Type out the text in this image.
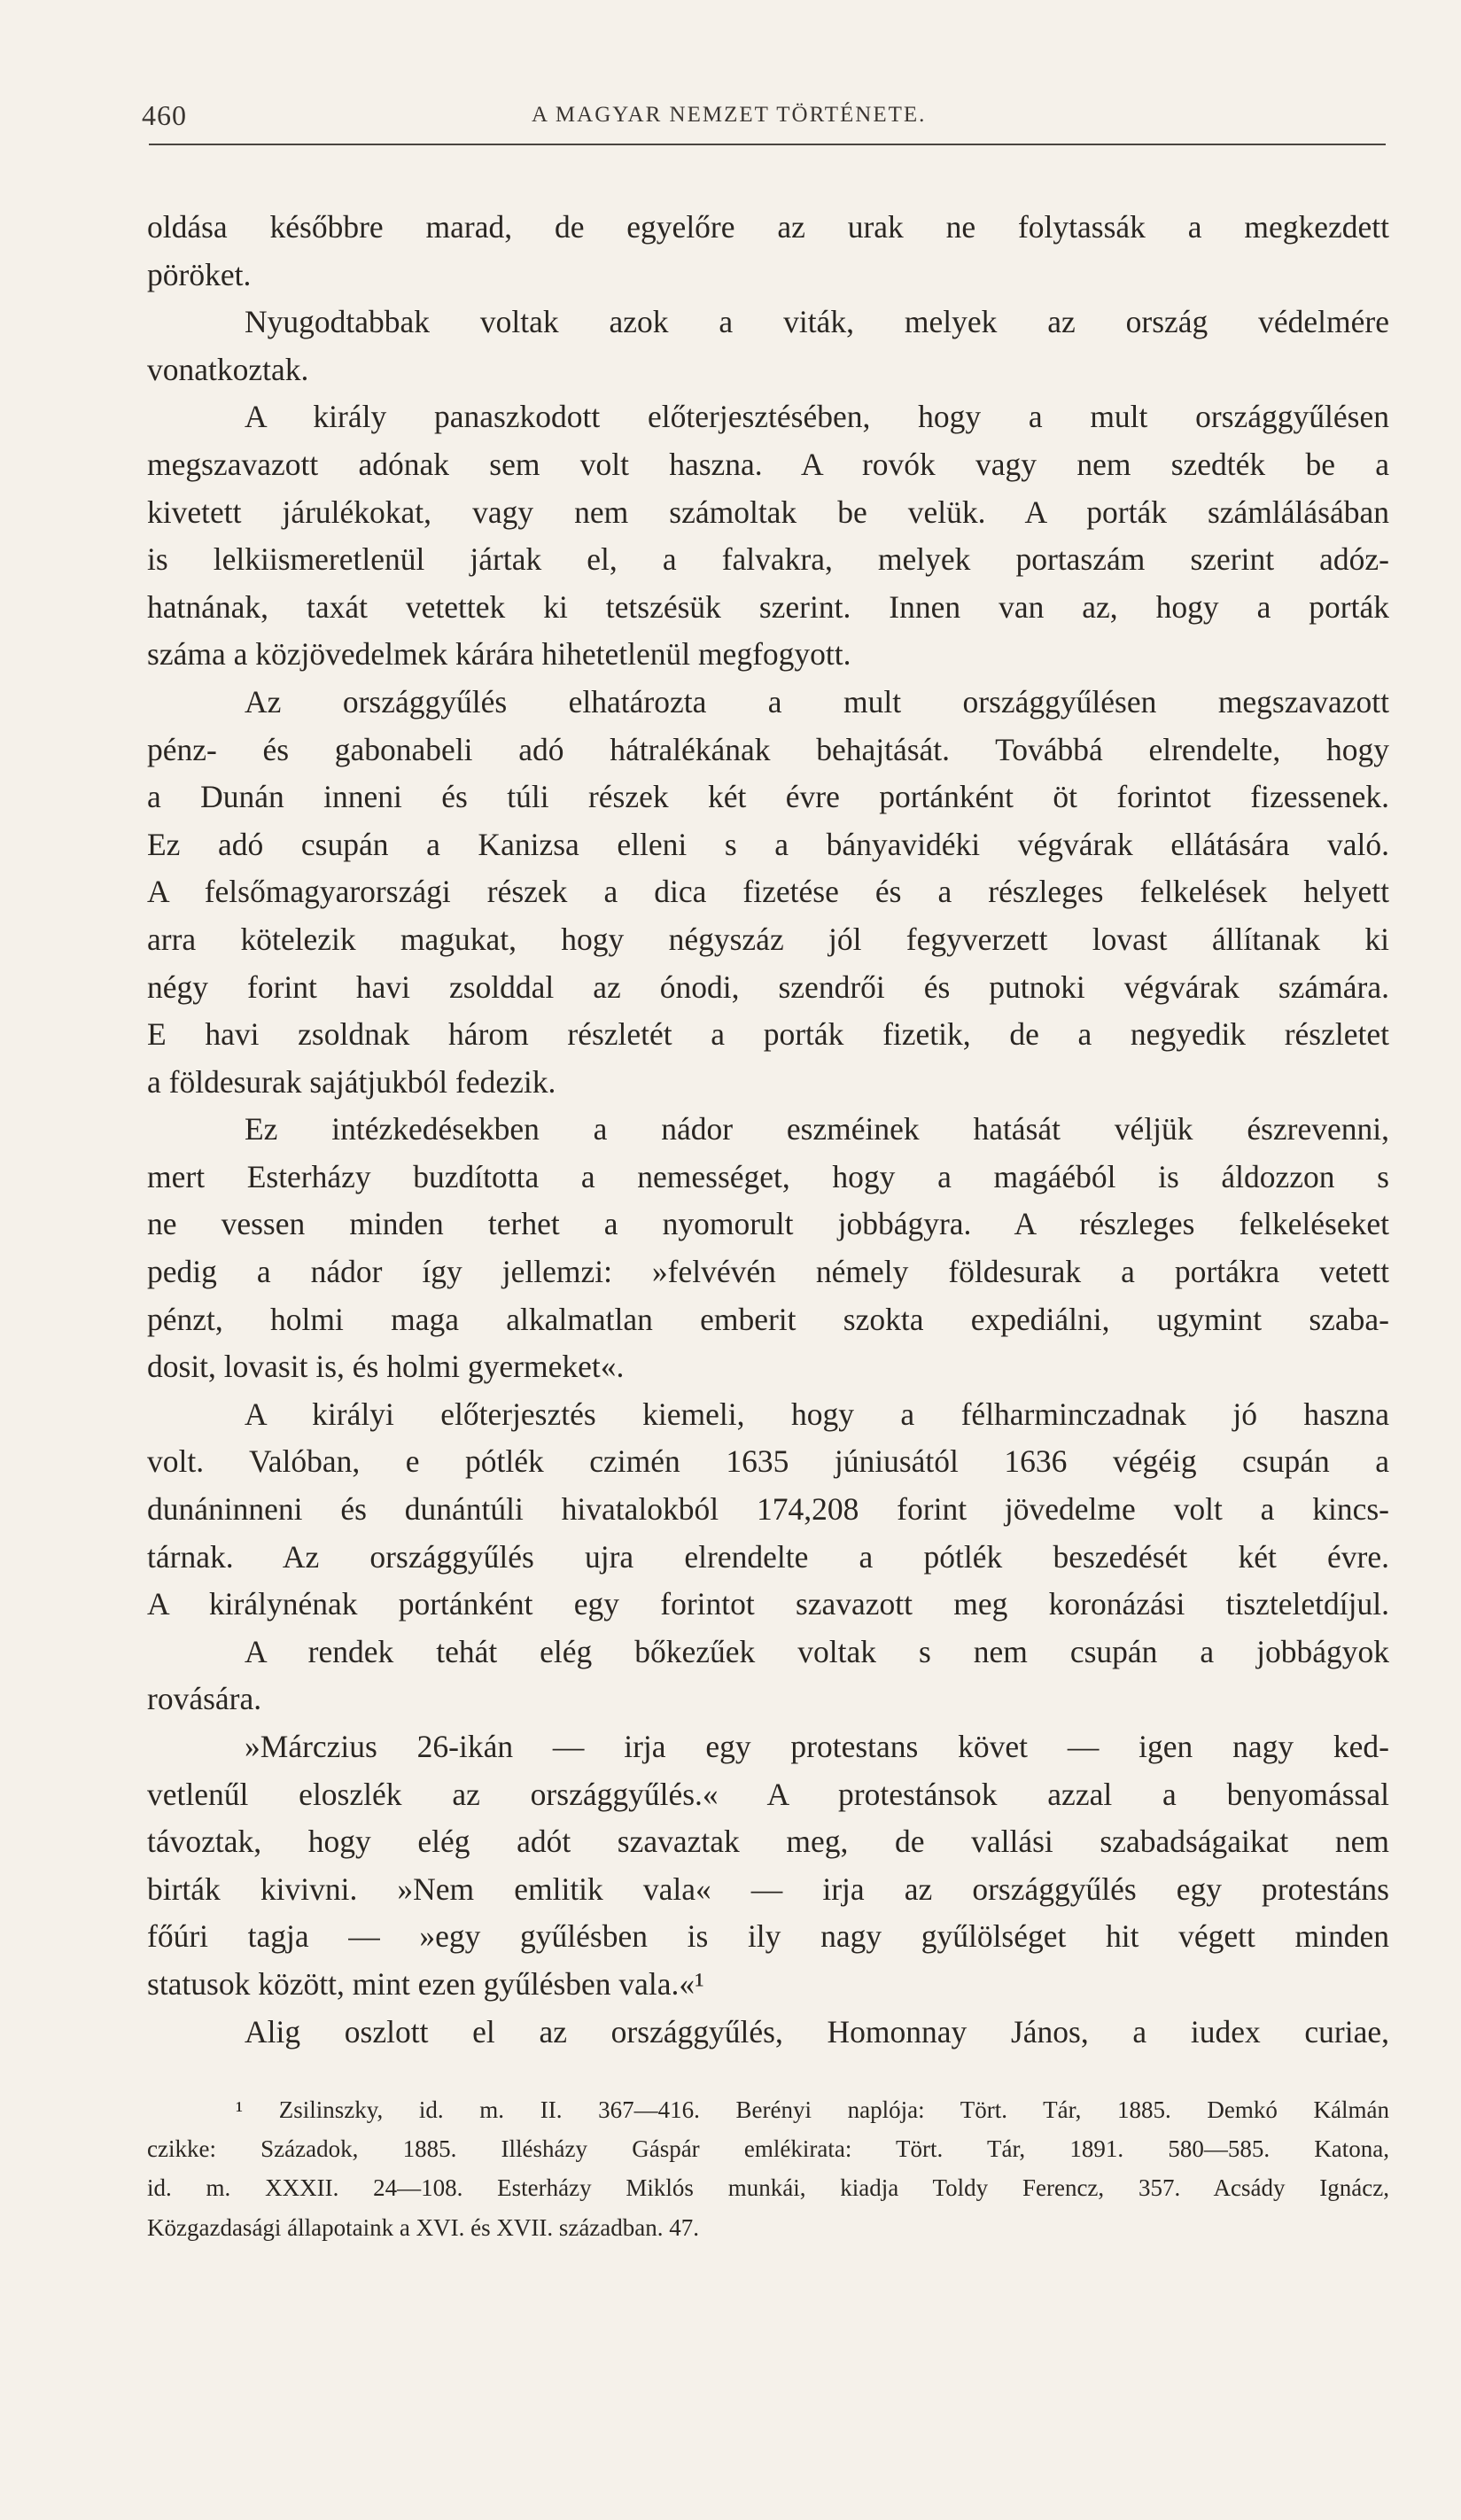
460	A MAGYAR NEMZET TÖRTÉNETE.
oldása későbbre marad, de egyelőre az urak ne folytassák a megkezdett
pöröket.
Nyugodtabbak voltak azok a viták, melyek az ország védelmére
vonatkoztak.
A király panaszkodott előterjesztésében, hogy a mult országgyűlésen
megszavazott adónak sem volt haszna. A rovók vagy nem szedték be a
kivetett járulékokat, vagy nem számoltak be velük. A porták számlálásában
is lelkiismeretlenül jártak el, a falvakra, melyek portaszám szerint adóz-
hatnának, taxát vetettek ki tetszésük szerint. Innen van az, hogy a porták
száma a közjövedelmek kárára hihetetlenül megfogyott.
Az országgyűlés elhatározta a mult országgyűlésen megszavazott
pénz- és gabonabeli adó hátralékának behajtását. Továbbá elrendelte, hogy
a Dunán inneni és túli részek két évre portánként öt forintot fizessenek.
Ez adó csupán a Kanizsa elleni s a bányavidéki végvárak ellátására való.
A felsőmagyarországi részek a dica fizetése és a részleges felkelések helyett
arra kötelezik magukat, hogy négyszáz jól fegyverzett lovast állítanak ki
négy forint havi zsolddal az ónodi, szendrői és putnoki végvárak számára.
E havi zsoldnak három részletét a porták fizetik, de a negyedik részletet
a földesurak sajátjukból fedezik.
Ez intézkedésekben a nádor eszméinek hatását véljük észrevenni,
mert Esterházy buzdította a nemességet, hogy a magáéból is áldozzon s
ne vessen minden terhet a nyomorult jobbágyra. A részleges felkeléseket
pedig a nádor így jellemzi: »felvévén némely földesurak a portákra vetett
pénzt, holmi maga alkalmatlan emberit szokta expediálni, ugymint szaba-
dosit, lovasit is, és holmi gyermeket«.
A királyi előterjesztés kiemeli, hogy a félharminczadnak jó haszna
volt. Valóban, e pótlék czimén 1635 júniusától 1636 végéig csupán a
dunáninneni és dunántúli hivatalokból 174,208 forint jövedelme volt a kincs-
tárnak. Az országgyűlés ujra elrendelte a pótlék beszedését két évre.
A királynénak portánként egy forintot szavazott meg koronázási tiszteletdíjul.
A rendek tehát elég bőkezűek voltak s nem csupán a jobbágyok
rovására.
»Márczius 26-ikán — irja egy protestans követ — igen nagy ked-
vetlenűl eloszlék az országgyűlés.« A protestánsok azzal a benyomással
távoztak, hogy elég adót szavaztak meg, de vallási szabadságaikat nem
birták kivivni. »Nem emlitik vala« — irja az országgyűlés egy protestáns
főúri tagja — »egy gyűlésben is ily nagy gyűlölséget hit végett minden
statusok között, mint ezen gyűlésben vala.«¹
Alig oszlott el az országgyűlés, Homonnay János, a iudex curiae,
¹ Zsilinszky, id. m. II. 367—416. Berényi naplója: Tört. Tár, 1885. Demkó Kálmán
czikke: Századok, 1885. Illésházy Gáspár emlékirata: Tört. Tár, 1891. 580—585. Katona,
id. m. XXXII. 24—108. Esterházy Miklós munkái, kiadja Toldy Ferencz, 357. Acsády Ignácz,
Közgazdasági állapotaink a XVI. és XVII. században. 47.
